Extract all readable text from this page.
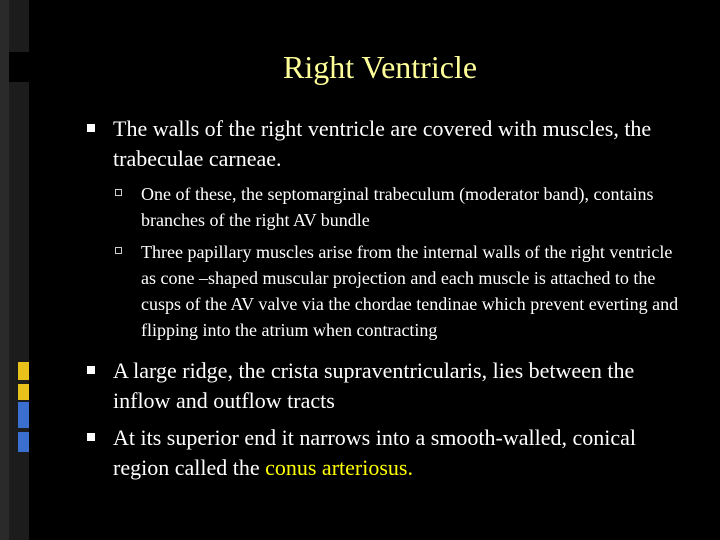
Right Ventricle
The walls of the right ventricle are covered with muscles, the trabeculae carneae.
One of these, the septomarginal trabeculum (moderator band), contains branches of the right AV bundle
Three papillary muscles arise from the internal walls of the right ventricle as cone –shaped muscular projection and each muscle is attached to the cusps of the AV valve via the chordae tendinae which prevent everting and flipping into the atrium when contracting
A large ridge, the crista supraventricularis, lies between the inflow and outflow tracts
At its superior end it narrows into a smooth-walled, conical region called the conus arteriosus.
